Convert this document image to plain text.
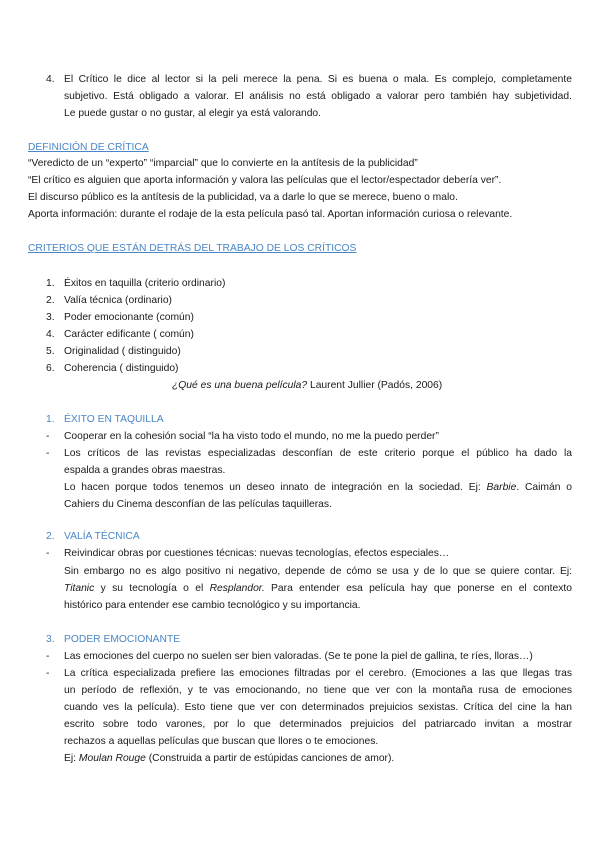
4. El Crítico le dice al lector si la peli merece la pena. Si es buena o mala. Es complejo, completamente
subjetivo. Está obligado a valorar. El análisis no está obligado a valorar pero también hay subjetividad.
Le puede gustar o no gustar, al elegir ya está valorando.
DEFINICIÓN DE CRÍTICA
“Veredicto de un “experto” “imparcial” que lo convierte en la antítesis de la publicidad”
“El crítico es alguien que aporta información y valora las películas que el lector/espectador debería ver”.
El discurso público es la antítesis de la publicidad, va a darle lo que se merece, bueno o malo.
Aporta información: durante el rodaje de la esta película pasó tal. Aportan información curiosa o relevante.
CRITERIOS QUE ESTÁN DETRÁS DEL TRABAJO DE LOS CRÍTICOS
1. Éxitos en taquilla (criterio ordinario)
2. Valía técnica (ordinario)
3. Poder emocionante (común)
4. Carácter edificante ( común)
5. Originalidad ( distinguido)
6. Coherencia ( distinguido)
¿Qué es una buena película? Laurent Jullier (Padós, 2006)
1. ÉXITO EN TAQUILLA
- Cooperar en la cohesión social “la ha visto todo el mundo, no me la puedo perder”
- Los críticos de las revistas especializadas desconfían de este criterio porque el público ha dado la
espalda a grandes obras maestras.
Lo hacen porque todos tenemos un deseo innato de integración en la sociedad. Ej: Barbie. Caimán o
Cahiers du Cinema desconfían de las películas taquilleras.
2. VALÍA TÉCNICA
- Reivindicar obras por cuestiones técnicas: nuevas tecnologías, efectos especiales…
Sin embargo no es algo positivo ni negativo, depende de cómo se usa y de lo que se quiere contar. Ej:
Titanic y su tecnología o el Resplandor. Para entender esa película hay que ponerse en el contexto
histórico para entender ese cambio tecnológico y su importancia.
3. PODER EMOCIONANTE
- Las emociones del cuerpo no suelen ser bien valoradas. (Se te pone la piel de gallina, te ríes, lloras…)
- La crítica especializada prefiere las emociones filtradas por el cerebro. (Emociones a las que llegas tras
un período de reflexión, y te vas emocionando, no tiene que ver con la montaña rusa de emociones
cuando ves la película). Esto tiene que ver con determinados prejuicios sexistas. Crítica del cine la han
escrito sobre todo varones, por lo que determinados prejuicios del patriarcado invitan a mostrar
rechazos a aquellas películas que buscan que llores o te emociones.
Ej: Moulan Rouge (Construida a partir de estúpidas canciones de amor).
